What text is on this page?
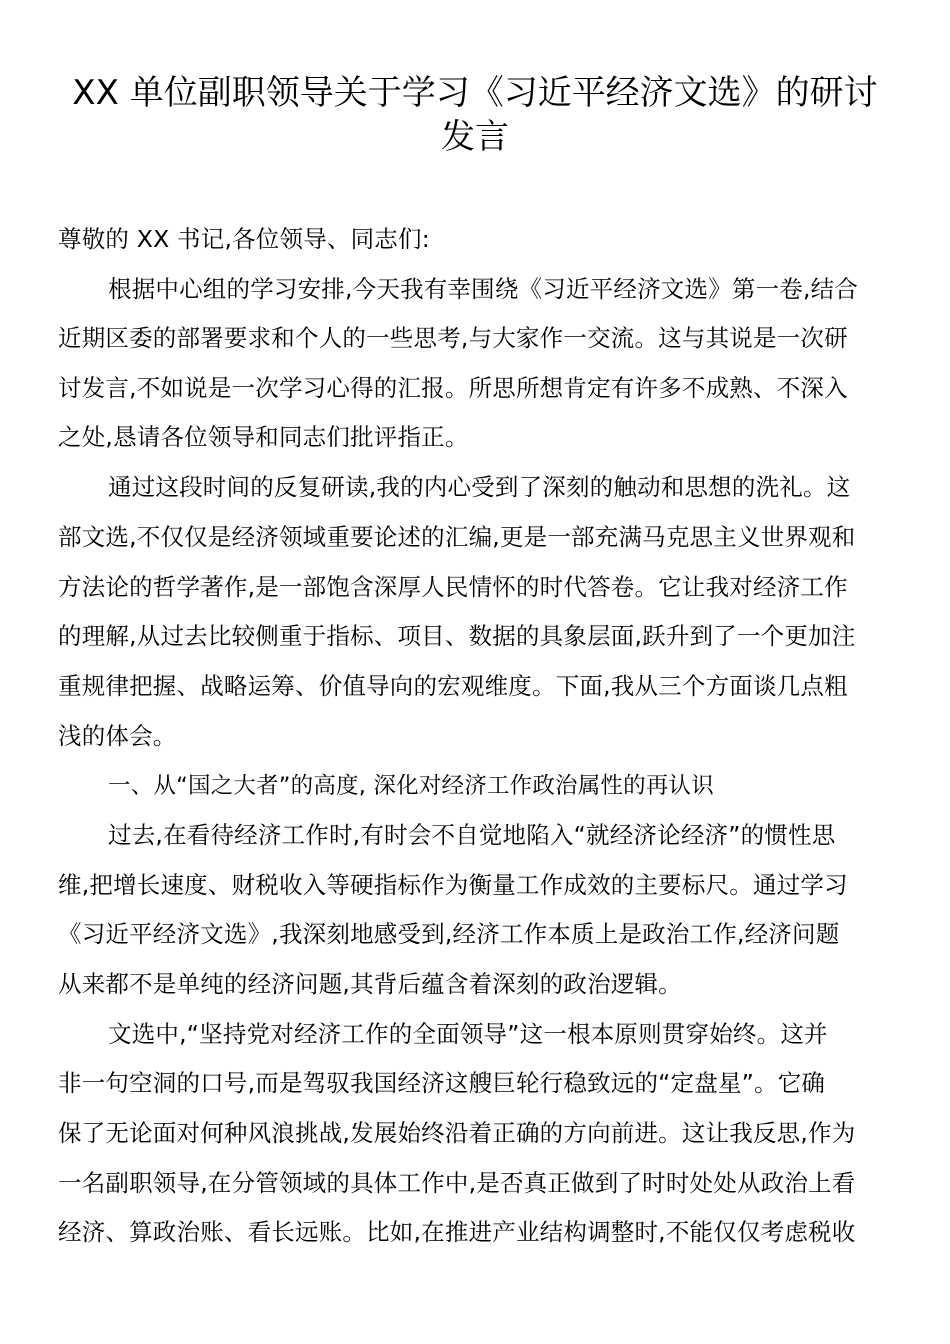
XX 单位副职领导关于学习《习近平经济文选》的研讨
发言
尊敬的 XX 书记,各位领导、同志们:
根据中心组的学习安排,今天我有幸围绕《习近平经济文选》第一卷,结合
近期区委的部署要求和个人的一些思考,与大家作一交流。这与其说是一次研
讨发言,不如说是一次学习心得的汇报。所思所想肯定有许多不成熟、不深入
之处,恳请各位领导和同志们批评指正。
通过这段时间的反复研读,我的内心受到了深刻的触动和思想的洗礼。这
部文选,不仅仅是经济领域重要论述的汇编,更是一部充满马克思主义世界观和
方法论的哲学著作,是一部饱含深厚人民情怀的时代答卷。它让我对经济工作
的理解,从过去比较侧重于指标、项目、数据的具象层面,跃升到了一个更加注
重规律把握、战略运筹、价值导向的宏观维度。下面,我从三个方面谈几点粗
浅的体会。
一、从“国之大者”的高度, 深化对经济工作政治属性的再认识
过去,在看待经济工作时,有时会不自觉地陷入“就经济论经济”的惯性思
维,把增长速度、财税收入等硬指标作为衡量工作成效的主要标尺。通过学习
《习近平经济文选》,我深刻地感受到,经济工作本质上是政治工作,经济问题
从来都不是单纯的经济问题,其背后蕴含着深刻的政治逻辑。
文选中,“坚持党对经济工作的全面领导”这一根本原则贯穿始终。这并
非一句空洞的口号,而是驾驭我国经济这艘巨轮行稳致远的“定盘星”。它确
保了无论面对何种风浪挑战,发展始终沿着正确的方向前进。这让我反思,作为
一名副职领导,在分管领域的具体工作中,是否真正做到了时时处处从政治上看
经济、算政治账、看长远账。比如,在推进产业结构调整时,不能仅仅考虑税收
